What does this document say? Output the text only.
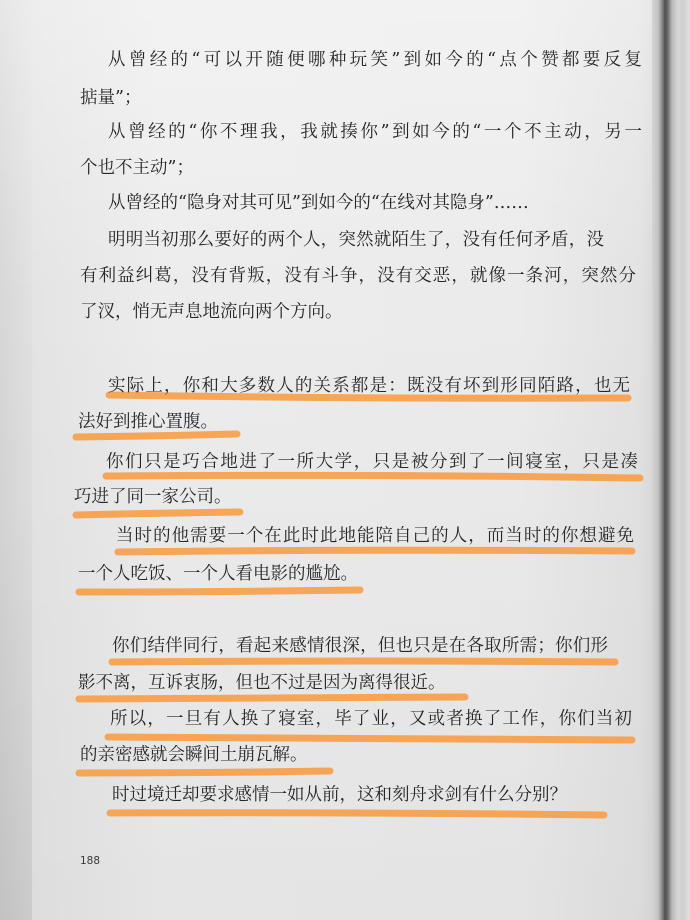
从曾经的“可以开随便哪种玩笑”到如今的“点个赞都要反复
掂量”；
从曾经的“你不理我，我就揍你”到如今的“一个不主动，另一
个也不主动”；
从曾经的“隐身对其可见”到如今的“在线对其隐身”……
明明当初那么要好的两个人，突然就陌生了，没有任何矛盾，没
有利益纠葛，没有背叛，没有斗争，没有交恶，就像一条河，突然分
了汊，悄无声息地流向两个方向。
实际上，你和大多数人的关系都是：既没有坏到形同陌路，也无
法好到推心置腹。
你们只是巧合地进了一所大学，只是被分到了一间寝室，只是凑
巧进了同一家公司。
当时的他需要一个在此时此地能陪自己的人，而当时的你想避免
一个人吃饭、一个人看电影的尴尬。
你们结伴同行，看起来感情很深，但也只是在各取所需；你们形
影不离，互诉衷肠，但也不过是因为离得很近。
所以，一旦有人换了寝室，毕了业，又或者换了工作，你们当初
的亲密感就会瞬间土崩瓦解。
时过境迁却要求感情一如从前，这和刻舟求剑有什么分别？
188
